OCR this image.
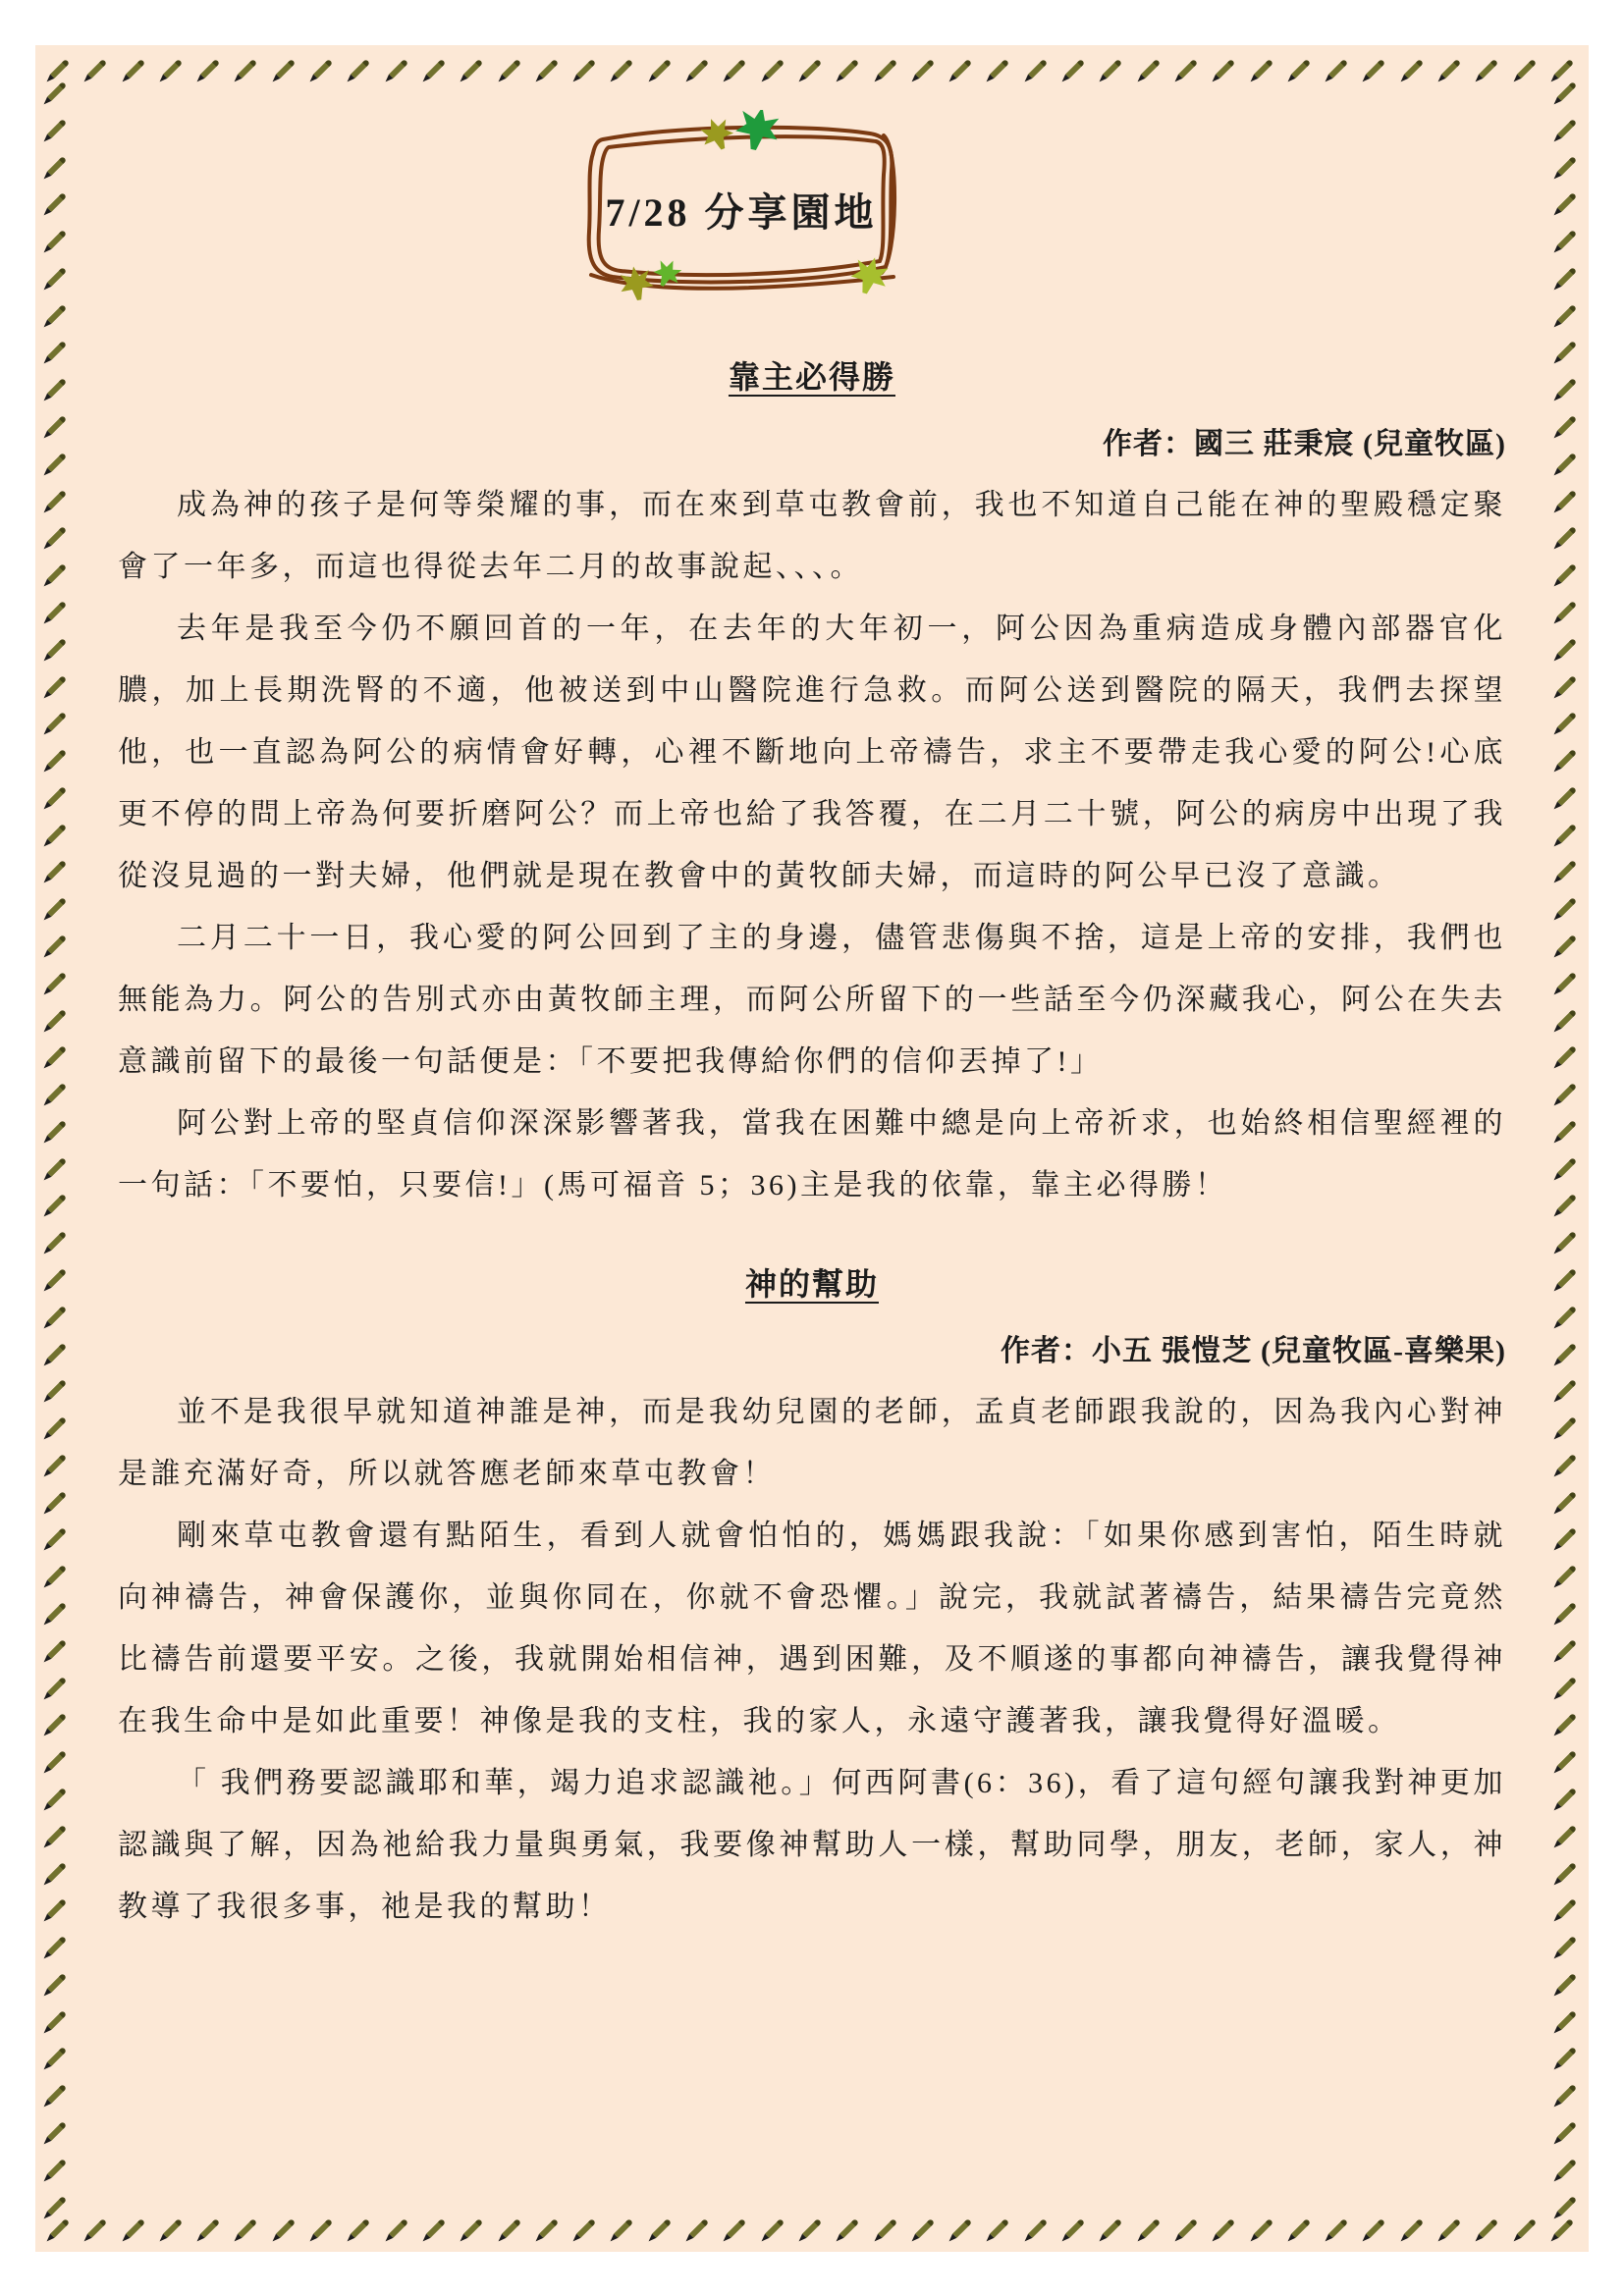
7/28 分享園地
靠主必得勝
作者：國三 莊秉宸 (兒童牧區)

成為神的孩子是何等榮耀的事，而在來到草屯教會前，我也不知道自己能在神的聖殿穩定聚會了一年多，而這也得從去年二月的故事說起、、、。

去年是我至今仍不願回首的一年，在去年的大年初一，阿公因為重病造成身體內部器官化膿，加上長期洗腎的不適，他被送到中山醫院進行急救。而阿公送到醫院的隔天，我們去探望他，也一直認為阿公的病情會好轉，心裡不斷地向上帝禱告，求主不要帶走我心愛的阿公!心底更不停的問上帝為何要折磨阿公？而上帝也給了我答覆，在二月二十號，阿公的病房中出現了我從沒見過的一對夫婦，他們就是現在教會中的黃牧師夫婦，而這時的阿公早已沒了意識。

二月二十一日，我心愛的阿公回到了主的身邊，儘管悲傷與不捨，這是上帝的安排，我們也無能為力。阿公的告別式亦由黃牧師主理，而阿公所留下的一些話至今仍深藏我心，阿公在失去意識前留下的最後一句話便是：「不要把我傳給你們的信仰丟掉了!」

阿公對上帝的堅貞信仰深深影響著我，當我在困難中總是向上帝祈求，也始終相信聖經裡的一句話：「不要怕，只要信!」(馬可福音 5；36)主是我的依靠，靠主必得勝！

神的幫助
作者：小五 張愷芝 (兒童牧區-喜樂果)

並不是我很早就知道神誰是神，而是我幼兒園的老師，孟貞老師跟我說的，因為我內心對神是誰充滿好奇，所以就答應老師來草屯教會！

剛來草屯教會還有點陌生，看到人就會怕怕的，媽媽跟我說：「如果你感到害怕，陌生時就向神禱告，神會保護你，並與你同在，你就不會恐懼。」說完，我就試著禱告，結果禱告完竟然比禱告前還要平安。之後，我就開始相信神，遇到困難，及不順遂的事都向神禱告，讓我覺得神在我生命中是如此重要！神像是我的支柱，我的家人，永遠守護著我，讓我覺得好溫暖。

「 我們務要認識耶和華，竭力追求認識祂。」何西阿書(6：36)，看了這句經句讓我對神更加認識與了解，因為祂給我力量與勇氣，我要像神幫助人一樣，幫助同學，朋友，老師，家人，神教導了我很多事，祂是我的幫助！
